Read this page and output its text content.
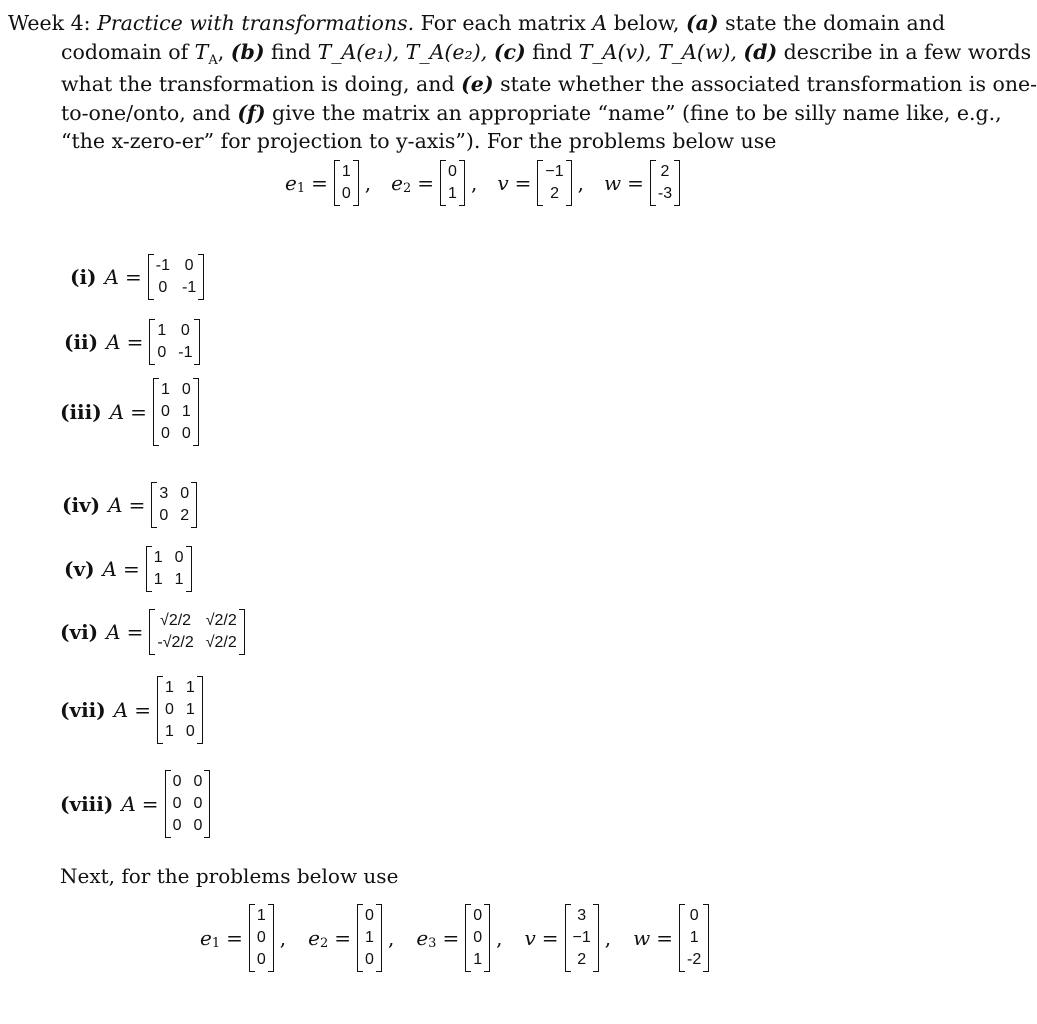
Week 4: Practice with transformations. For each matrix A below, (a) state the domain and
codomain of $T_A$, (b) find T_A(e₁), T_A(e₂), (c) find T_A(v), T_A(w), (d) describe in a few words
what the transformation is doing, and (e) state whether the associated transformation is one-
to-one/onto, and (f) give the matrix an appropriate “name” (fine to be silly name like, e.g.,
“the x-zero-er” for projection to y-axis”). For the problems below use
e 1 = 1
0 , e 2 = 0
1 , v = −1
2 , w = 2
-3
(i) A = -1 0
0 -1
(ii) A = 1 0
0 -1
(iii) A =
1 0
0 1
0 0
(iv) A = 3 0
0 2
(v) A = 1 0
1 1
(vi) A = √2/2 √2/2
-√2/2 √2/2
(vii) A =
1 1
0 1
1 0
(viii) A =
0 0
0 0
0 0
Next, for the problems below use
e 1 =
1
0
0
, e 2 =
0
1
0
, e 3 =
0
0
1
, v =
3
−1
2
, w =
0
1
-2
